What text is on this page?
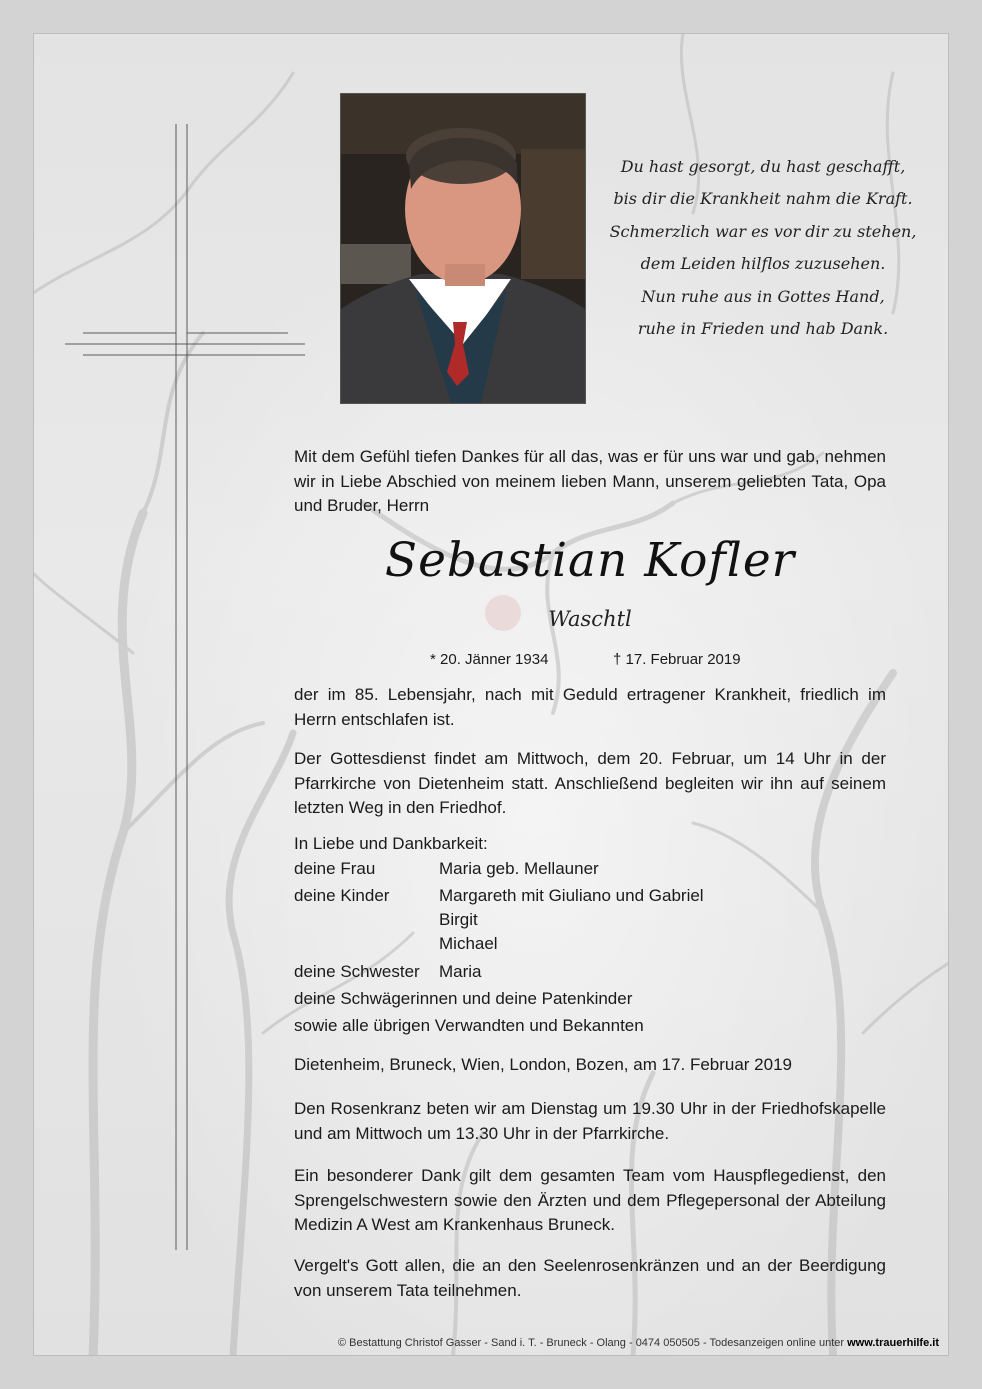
Du hast gesorgt, du hast geschafft,
bis dir die Krankheit nahm die Kraft.
Schmerzlich war es vor dir zu stehen,
dem Leiden hilflos zuzusehen.
Nun ruhe aus in Gottes Hand,
ruhe in Frieden und hab Dank.
Mit dem Gefühl tiefen Dankes für all das, was er für uns war und gab, nehmen wir in Liebe Abschied von meinem lieben Mann, unserem geliebten Tata, Opa und Bruder, Herrn
Sebastian Kofler
Waschtl
* 20. Jänner 1934	† 17. Februar 2019
der im 85. Lebensjahr, nach mit Geduld ertragener Krankheit, friedlich im Herrn entschlafen ist.
Der Gottesdienst findet am Mittwoch, dem 20. Februar, um 14 Uhr in der Pfarrkirche von Dietenheim statt. Anschließend begleiten wir ihn auf seinem letzten Weg in den Friedhof.
In Liebe und Dankbarkeit:
deine Frau	Maria geb. Mellauner
deine Kinder	Margareth mit Giuliano und Gabriel
Birgit
Michael
deine Schwester Maria
deine Schwägerinnen und deine Patenkinder
sowie alle übrigen Verwandten und Bekannten
Dietenheim, Bruneck, Wien, London, Bozen, am 17. Februar 2019
Den Rosenkranz beten wir am Dienstag um 19.30 Uhr in der Friedhofskapelle und am Mittwoch um 13.30 Uhr in der Pfarrkirche.
Ein besonderer Dank gilt dem gesamten Team vom Hauspflegedienst, den Sprengelschwestern sowie den Ärzten und dem Pflegepersonal der Abteilung Medizin A West am Krankenhaus Bruneck.
Vergelt's Gott allen, die an den Seelenrosenkränzen und an der Beerdigung von unserem Tata teilnehmen.
© Bestattung Christof Gasser - Sand i. T. - Bruneck - Olang - 0474 050505 - Todesanzeigen online unter www.trauerhilfe.it
